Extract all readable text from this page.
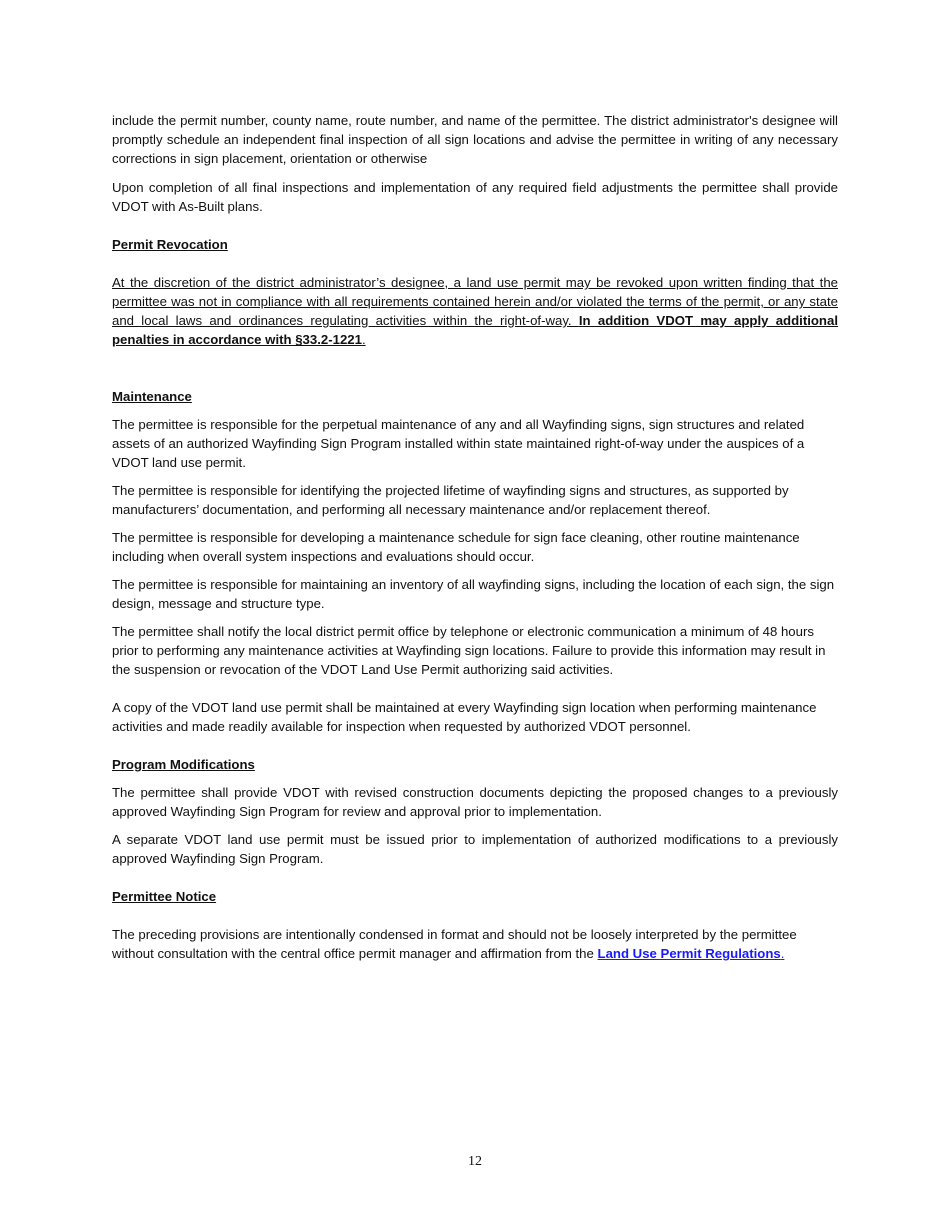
include the permit number, county name, route number, and name of the permittee. The district administrator's designee will promptly schedule an independent final inspection of all sign locations and advise the permittee in writing of any necessary corrections in sign placement, orientation or otherwise

Upon completion of all final inspections and implementation of any required field adjustments the permittee shall provide VDOT with As-Built plans.

Permit Revocation

At the discretion of the district administrator’s designee, a land use permit may be revoked upon written finding that the permittee was not in compliance with all requirements contained herein and/or violated the terms of the permit, or any state and local laws and ordinances regulating activities within the right-of-way. In addition VDOT may apply additional penalties in accordance with §33.2-1221.

Maintenance

The permittee is responsible for the perpetual maintenance of any and all Wayfinding signs, sign structures and related assets of an authorized Wayfinding Sign Program installed within state maintained right-of-way under the auspices of a VDOT land use permit.

The permittee is responsible for identifying the projected lifetime of wayfinding signs and structures, as supported by manufacturers’ documentation, and performing all necessary maintenance and/or replacement thereof.

The permittee is responsible for developing a maintenance schedule for sign face cleaning, other routine maintenance including when overall system inspections and evaluations should occur.

The permittee is responsible for maintaining an inventory of all wayfinding signs, including the location of each sign, the sign design, message and structure type.

The permittee shall notify the local district permit office by telephone or electronic communication a minimum of 48 hours prior to performing any maintenance activities at Wayfinding sign locations. Failure to provide this information may result in the suspension or revocation of the VDOT Land Use Permit authorizing said activities.

A copy of the VDOT land use permit shall be maintained at every Wayfinding sign location when performing maintenance activities and made readily available for inspection when requested by authorized VDOT personnel.

Program Modifications

The permittee shall provide VDOT with revised construction documents depicting the proposed changes to a previously approved Wayfinding Sign Program for review and approval prior to implementation.

A separate VDOT land use permit must be issued prior to implementation of authorized modifications to a previously approved Wayfinding Sign Program.

Permittee Notice

The preceding provisions are intentionally condensed in format and should not be loosely interpreted by the permittee without consultation with the central office permit manager and affirmation from the Land Use Permit Regulations.

12
